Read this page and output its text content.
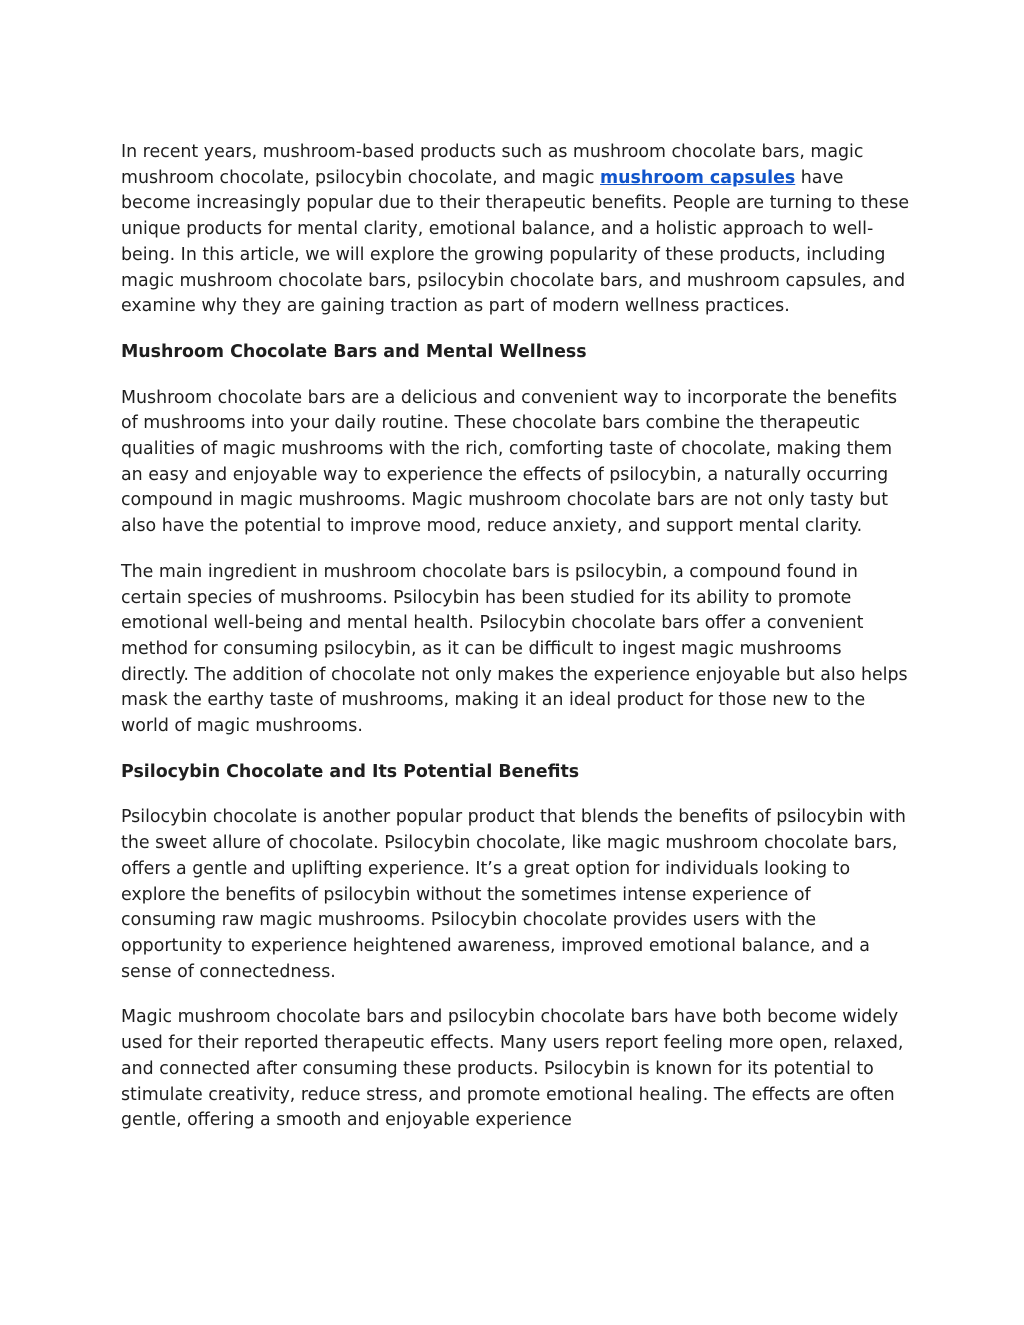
In recent years, mushroom-based products such as mushroom chocolate bars, magic mushroom chocolate, psilocybin chocolate, and magic mushroom capsules have become increasingly popular due to their therapeutic benefits. People are turning to these unique products for mental clarity, emotional balance, and a holistic approach to well-being. In this article, we will explore the growing popularity of these products, including magic mushroom chocolate bars, psilocybin chocolate bars, and mushroom capsules, and examine why they are gaining traction as part of modern wellness practices.

Mushroom Chocolate Bars and Mental Wellness

Mushroom chocolate bars are a delicious and convenient way to incorporate the benefits of mushrooms into your daily routine. These chocolate bars combine the therapeutic qualities of magic mushrooms with the rich, comforting taste of chocolate, making them an easy and enjoyable way to experience the effects of psilocybin, a naturally occurring compound in magic mushrooms. Magic mushroom chocolate bars are not only tasty but also have the potential to improve mood, reduce anxiety, and support mental clarity.

The main ingredient in mushroom chocolate bars is psilocybin, a compound found in certain species of mushrooms. Psilocybin has been studied for its ability to promote emotional well-being and mental health. Psilocybin chocolate bars offer a convenient method for consuming psilocybin, as it can be difficult to ingest magic mushrooms directly. The addition of chocolate not only makes the experience enjoyable but also helps mask the earthy taste of mushrooms, making it an ideal product for those new to the world of magic mushrooms.

Psilocybin Chocolate and Its Potential Benefits

Psilocybin chocolate is another popular product that blends the benefits of psilocybin with the sweet allure of chocolate. Psilocybin chocolate, like magic mushroom chocolate bars, offers a gentle and uplifting experience. It’s a great option for individuals looking to explore the benefits of psilocybin without the sometimes intense experience of consuming raw magic mushrooms. Psilocybin chocolate provides users with the opportunity to experience heightened awareness, improved emotional balance, and a sense of connectedness.

Magic mushroom chocolate bars and psilocybin chocolate bars have both become widely used for their reported therapeutic effects. Many users report feeling more open, relaxed, and connected after consuming these products. Psilocybin is known for its potential to stimulate creativity, reduce stress, and promote emotional healing. The effects are often gentle, offering a smooth and enjoyable experience
